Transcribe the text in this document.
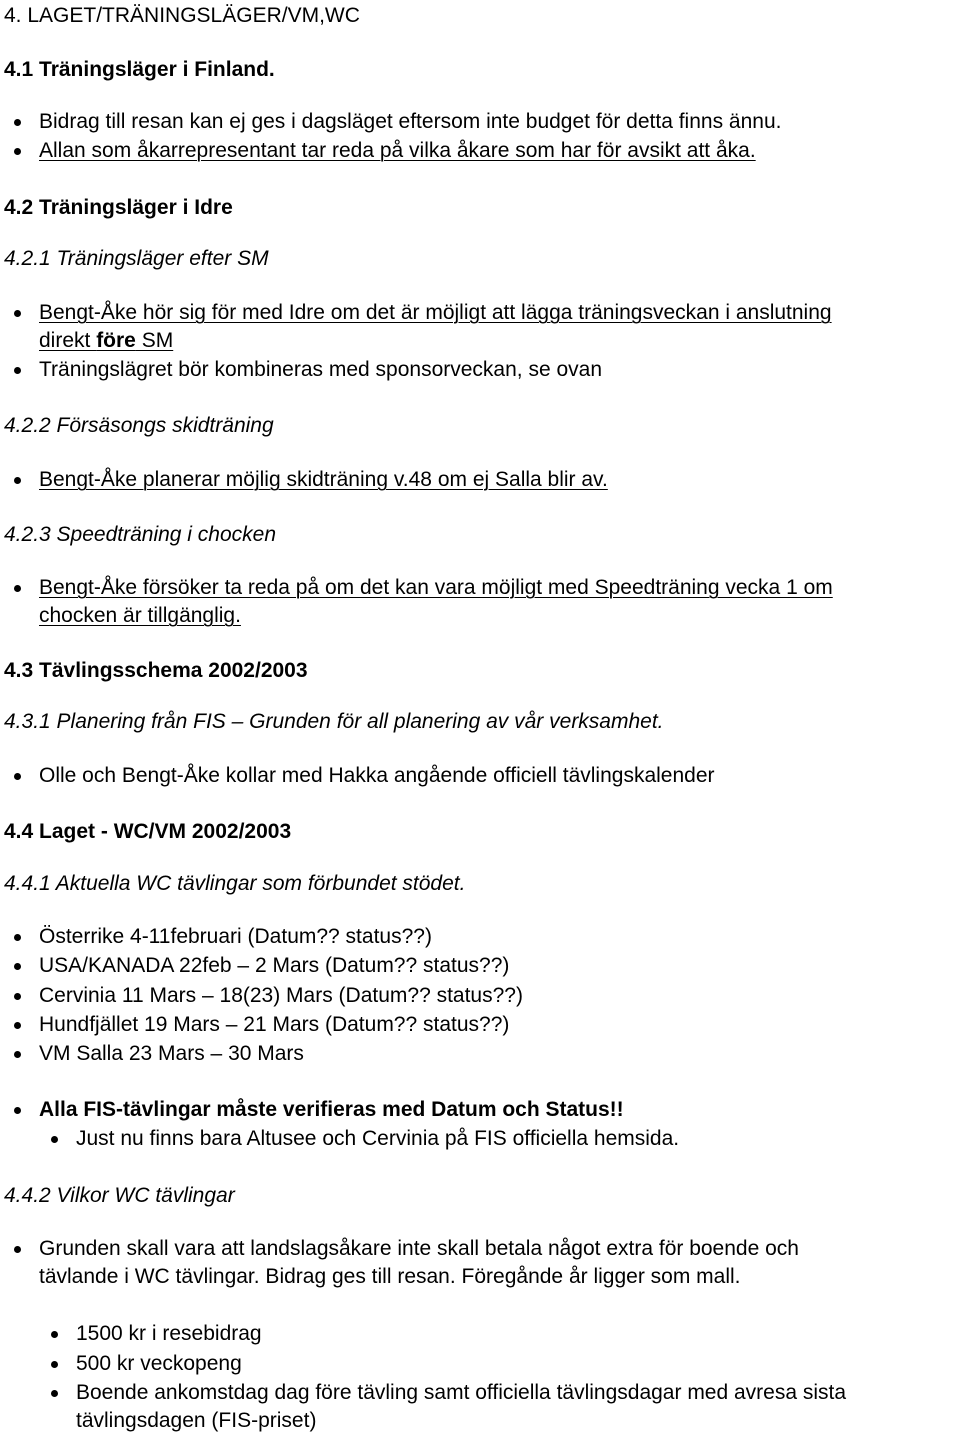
4. LAGET/TRÄNINGSLÄGER/VM,WC
4.1 Träningsläger i Finland.
Bidrag till resan kan ej ges i dagsläget eftersom inte budget för detta finns ännu.
Allan som åkarrepresentant tar reda på vilka åkare som har för avsikt att åka.
4.2 Träningsläger i Idre
4.2.1 Träningsläger efter SM
Bengt-Åke hör sig för med Idre om det är möjligt att lägga träningsveckan i anslutning
direkt före SM
Träningslägret bör kombineras med sponsorveckan, se ovan
4.2.2 Försäsongs skidträning
Bengt-Åke planerar möjlig skidträning v.48 om ej Salla blir av.
4.2.3 Speedträning i chocken
Bengt-Åke försöker ta reda på om det kan vara möjligt med Speedträning vecka 1 om
chocken är tillgänglig.
4.3 Tävlingsschema 2002/2003
4.3.1 Planering från FIS – Grunden för all planering av vår verksamhet.
Olle och Bengt-Åke kollar med Hakka angående officiell tävlingskalender
4.4 Laget - WC/VM 2002/2003
4.4.1 Aktuella WC tävlingar som förbundet stödet.
Österrike 4-11februari (Datum?? status??)
USA/KANADA 22feb – 2 Mars (Datum?? status??)
Cervinia 11 Mars – 18(23) Mars (Datum?? status??)
Hundfjället 19 Mars – 21 Mars (Datum?? status??)
VM Salla 23 Mars – 30 Mars
Alla FIS-tävlingar måste verifieras med Datum och Status!!
Just nu finns bara Altusee och Cervinia på FIS officiella hemsida.
4.4.2 Vilkor WC tävlingar
Grunden skall vara att landslagsåkare inte skall betala något extra för boende och
tävlande i WC tävlingar. Bidrag ges till resan. Föregånde år ligger som mall.
1500 kr i resebidrag
500 kr veckopeng
Boende ankomstdag dag före tävling samt officiella tävlingsdagar med avresa sista
tävlingsdagen (FIS-priset)
